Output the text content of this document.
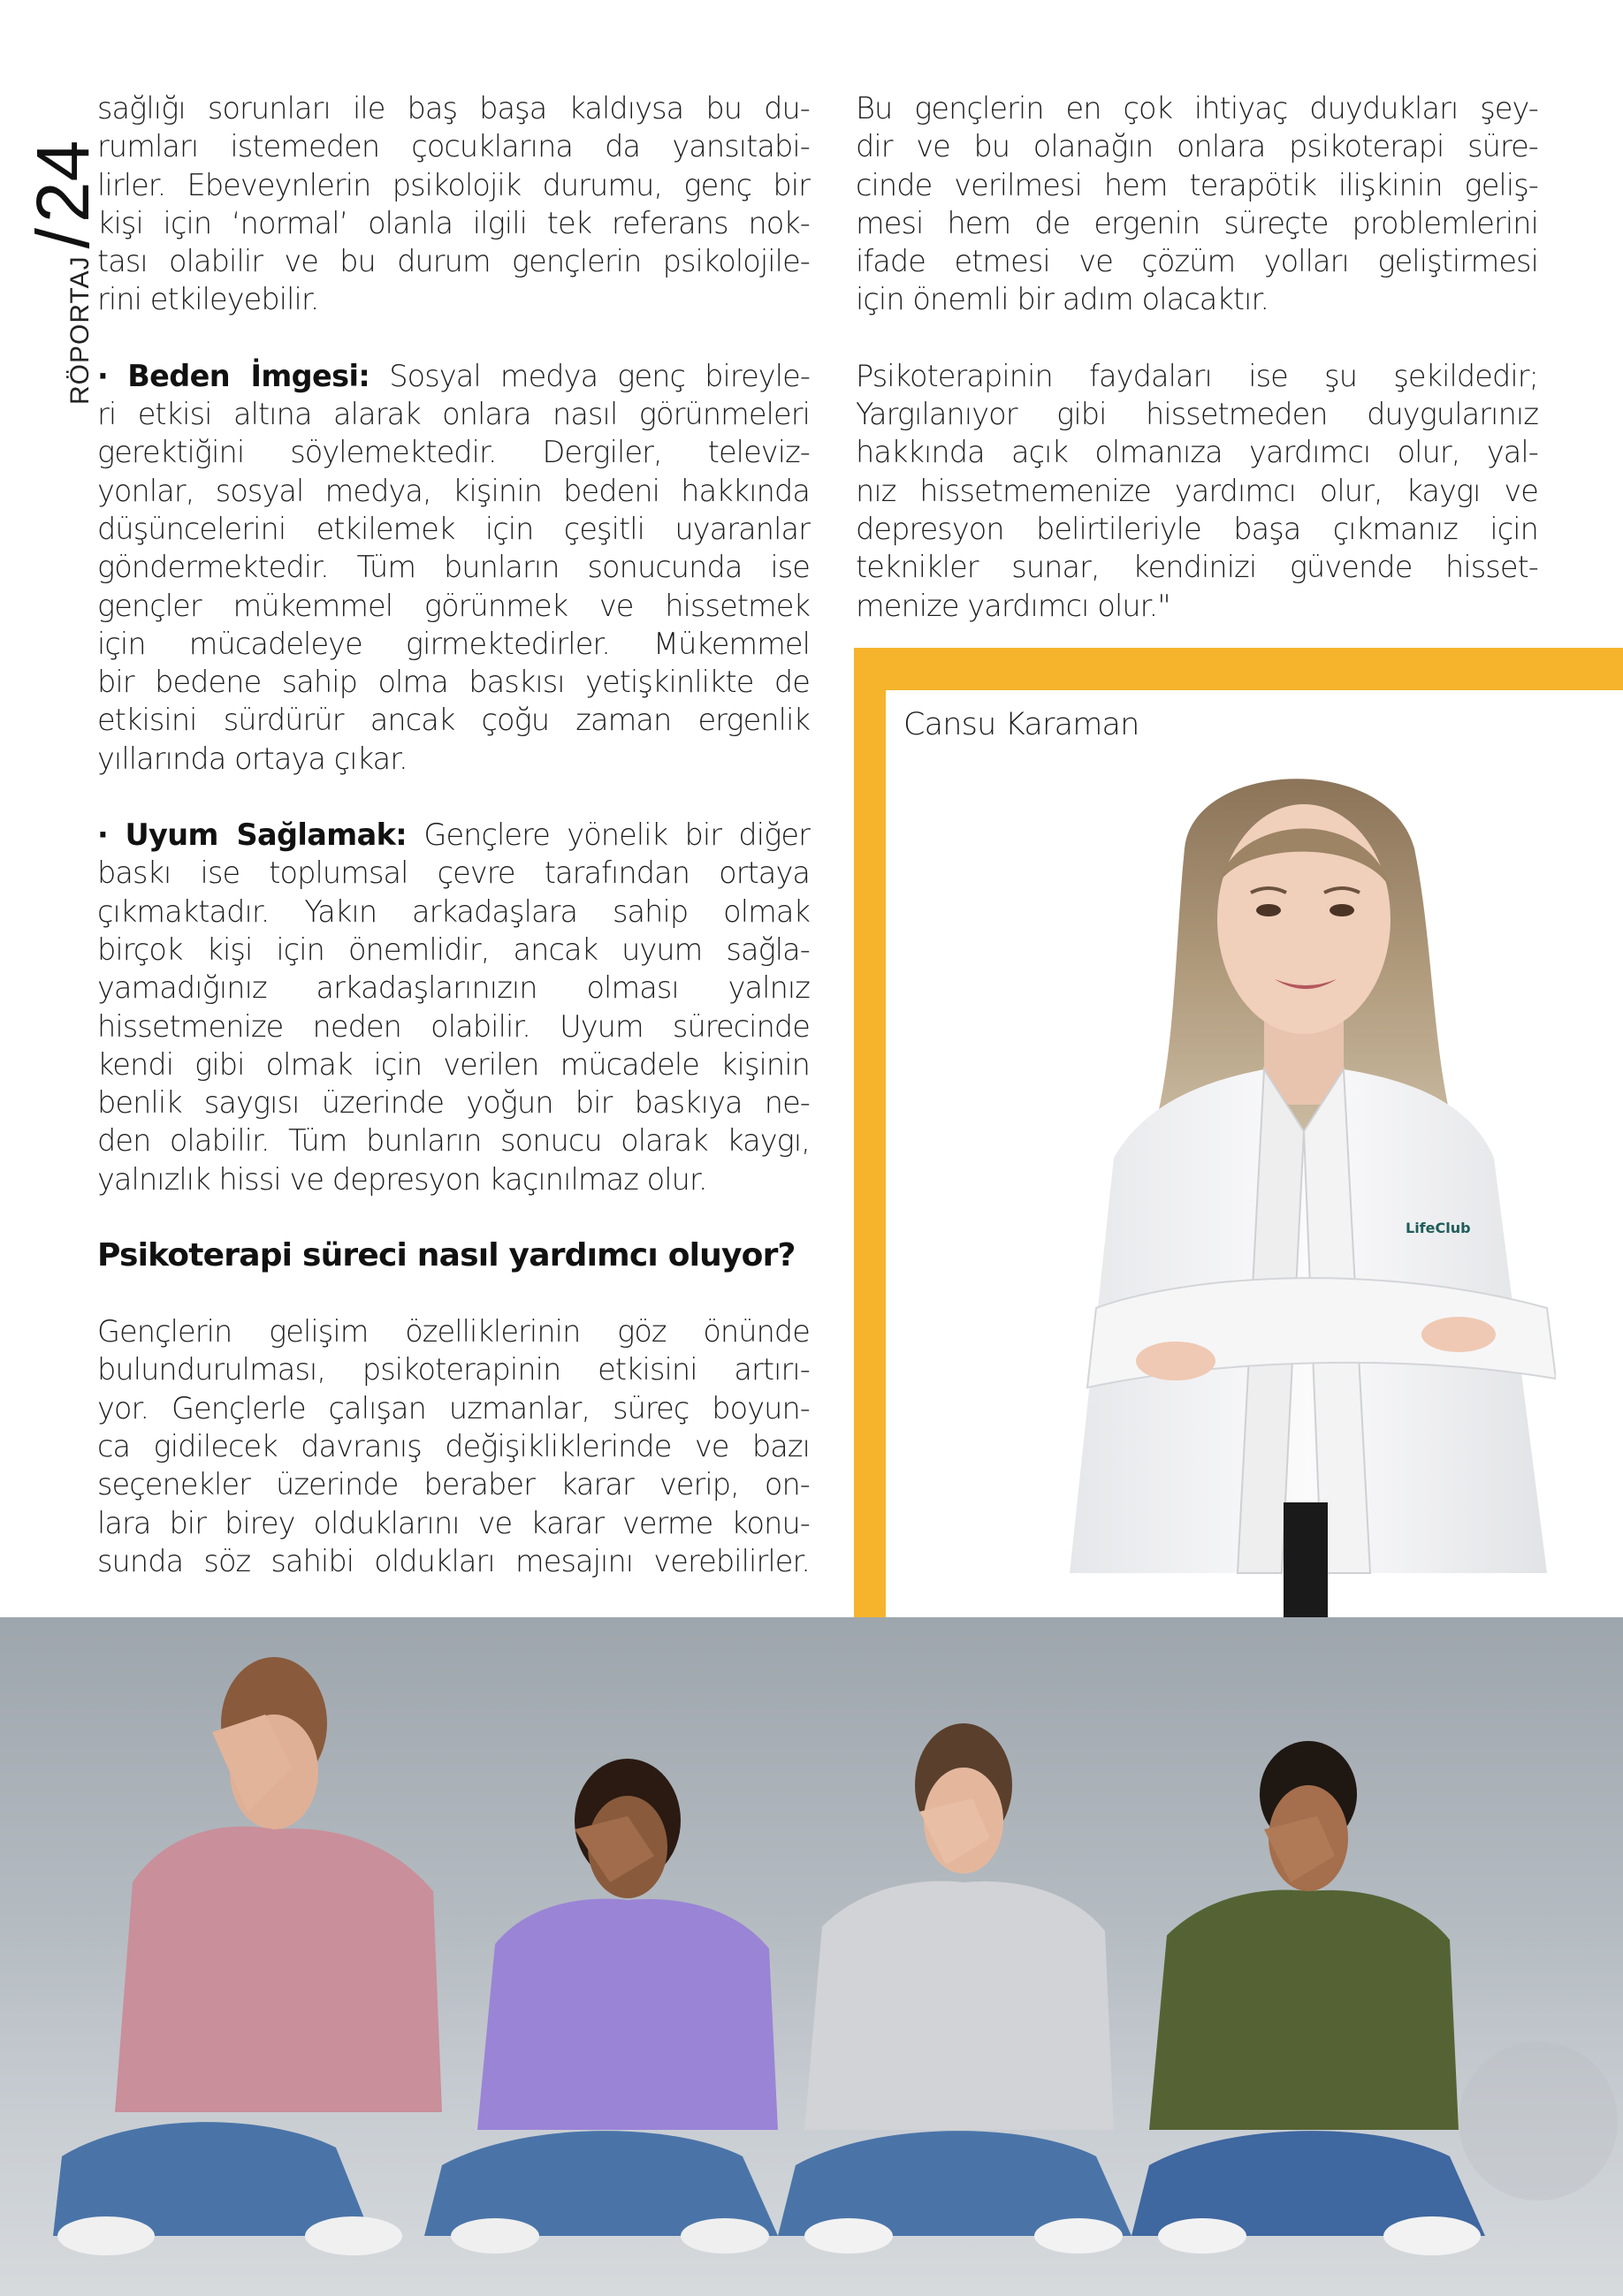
RÖPORTAJ
/
24
sağlığı sorunları ile baş başa kaldıysa bu du-
rumları istemeden çocuklarına da yansıtabi-
lirler. Ebeveynlerin psikolojik durumu, genç bir
kişi için ‘normal’ olanla ilgili tek referans nok-
tası olabilir ve bu durum gençlerin psikolojile-
rini etkileyebilir.
· Beden İmgesi: Sosyal medya genç bireyle-
ri etkisi altına alarak onlara nasıl görünmeleri
gerektiğini söylemektedir. Dergiler, televiz-
yonlar, sosyal medya, kişinin bedeni hakkında
düşüncelerini etkilemek için çeşitli uyaranlar
göndermektedir. Tüm bunların sonucunda ise
gençler mükemmel görünmek ve hissetmek
için mücadeleye girmektedirler. Mükemmel
bir bedene sahip olma baskısı yetişkinlikte de
etkisini sürdürür ancak çoğu zaman ergenlik
yıllarında ortaya çıkar.
· Uyum Sağlamak: Gençlere yönelik bir diğer
baskı ise toplumsal çevre tarafından ortaya
çıkmaktadır. Yakın arkadaşlara sahip olmak
birçok kişi için önemlidir, ancak uyum sağla-
yamadığınız arkadaşlarınızın olması yalnız
hissetmenize neden olabilir. Uyum sürecinde
kendi gibi olmak için verilen mücadele kişinin
benlik saygısı üzerinde yoğun bir baskıya ne-
den olabilir. Tüm bunların sonucu olarak kaygı,
yalnızlık hissi ve depresyon kaçınılmaz olur.
Psikoterapi süreci nasıl yardımcı oluyor?
Gençlerin gelişim özelliklerinin göz önünde
bulundurulması, psikoterapinin etkisini artırı-
yor. Gençlerle çalışan uzmanlar, süreç boyun-
ca gidilecek davranış değişikliklerinde ve bazı
seçenekler üzerinde beraber karar verip, on-
lara bir birey olduklarını ve karar verme konu-
sunda söz sahibi oldukları mesajını verebilirler.
Bu gençlerin en çok ihtiyaç duydukları şey-
dir ve bu olanağın onlara psikoterapi süre-
cinde verilmesi hem terapötik ilişkinin geliş-
mesi hem de ergenin süreçte problemlerini
ifade etmesi ve çözüm yolları geliştirmesi
için önemli bir adım olacaktır.
Psikoterapinin faydaları ise şu şekildedir;
Yargılanıyor gibi hissetmeden duygularınız
hakkında açık olmanıza yardımcı olur, yal-
nız hissetmemenize yardımcı olur, kaygı ve
depresyon belirtileriyle başa çıkmanız için
teknikler sunar, kendinizi güvende hisset-
menize yardımcı olur."
Cansu Karaman
LifeClub
